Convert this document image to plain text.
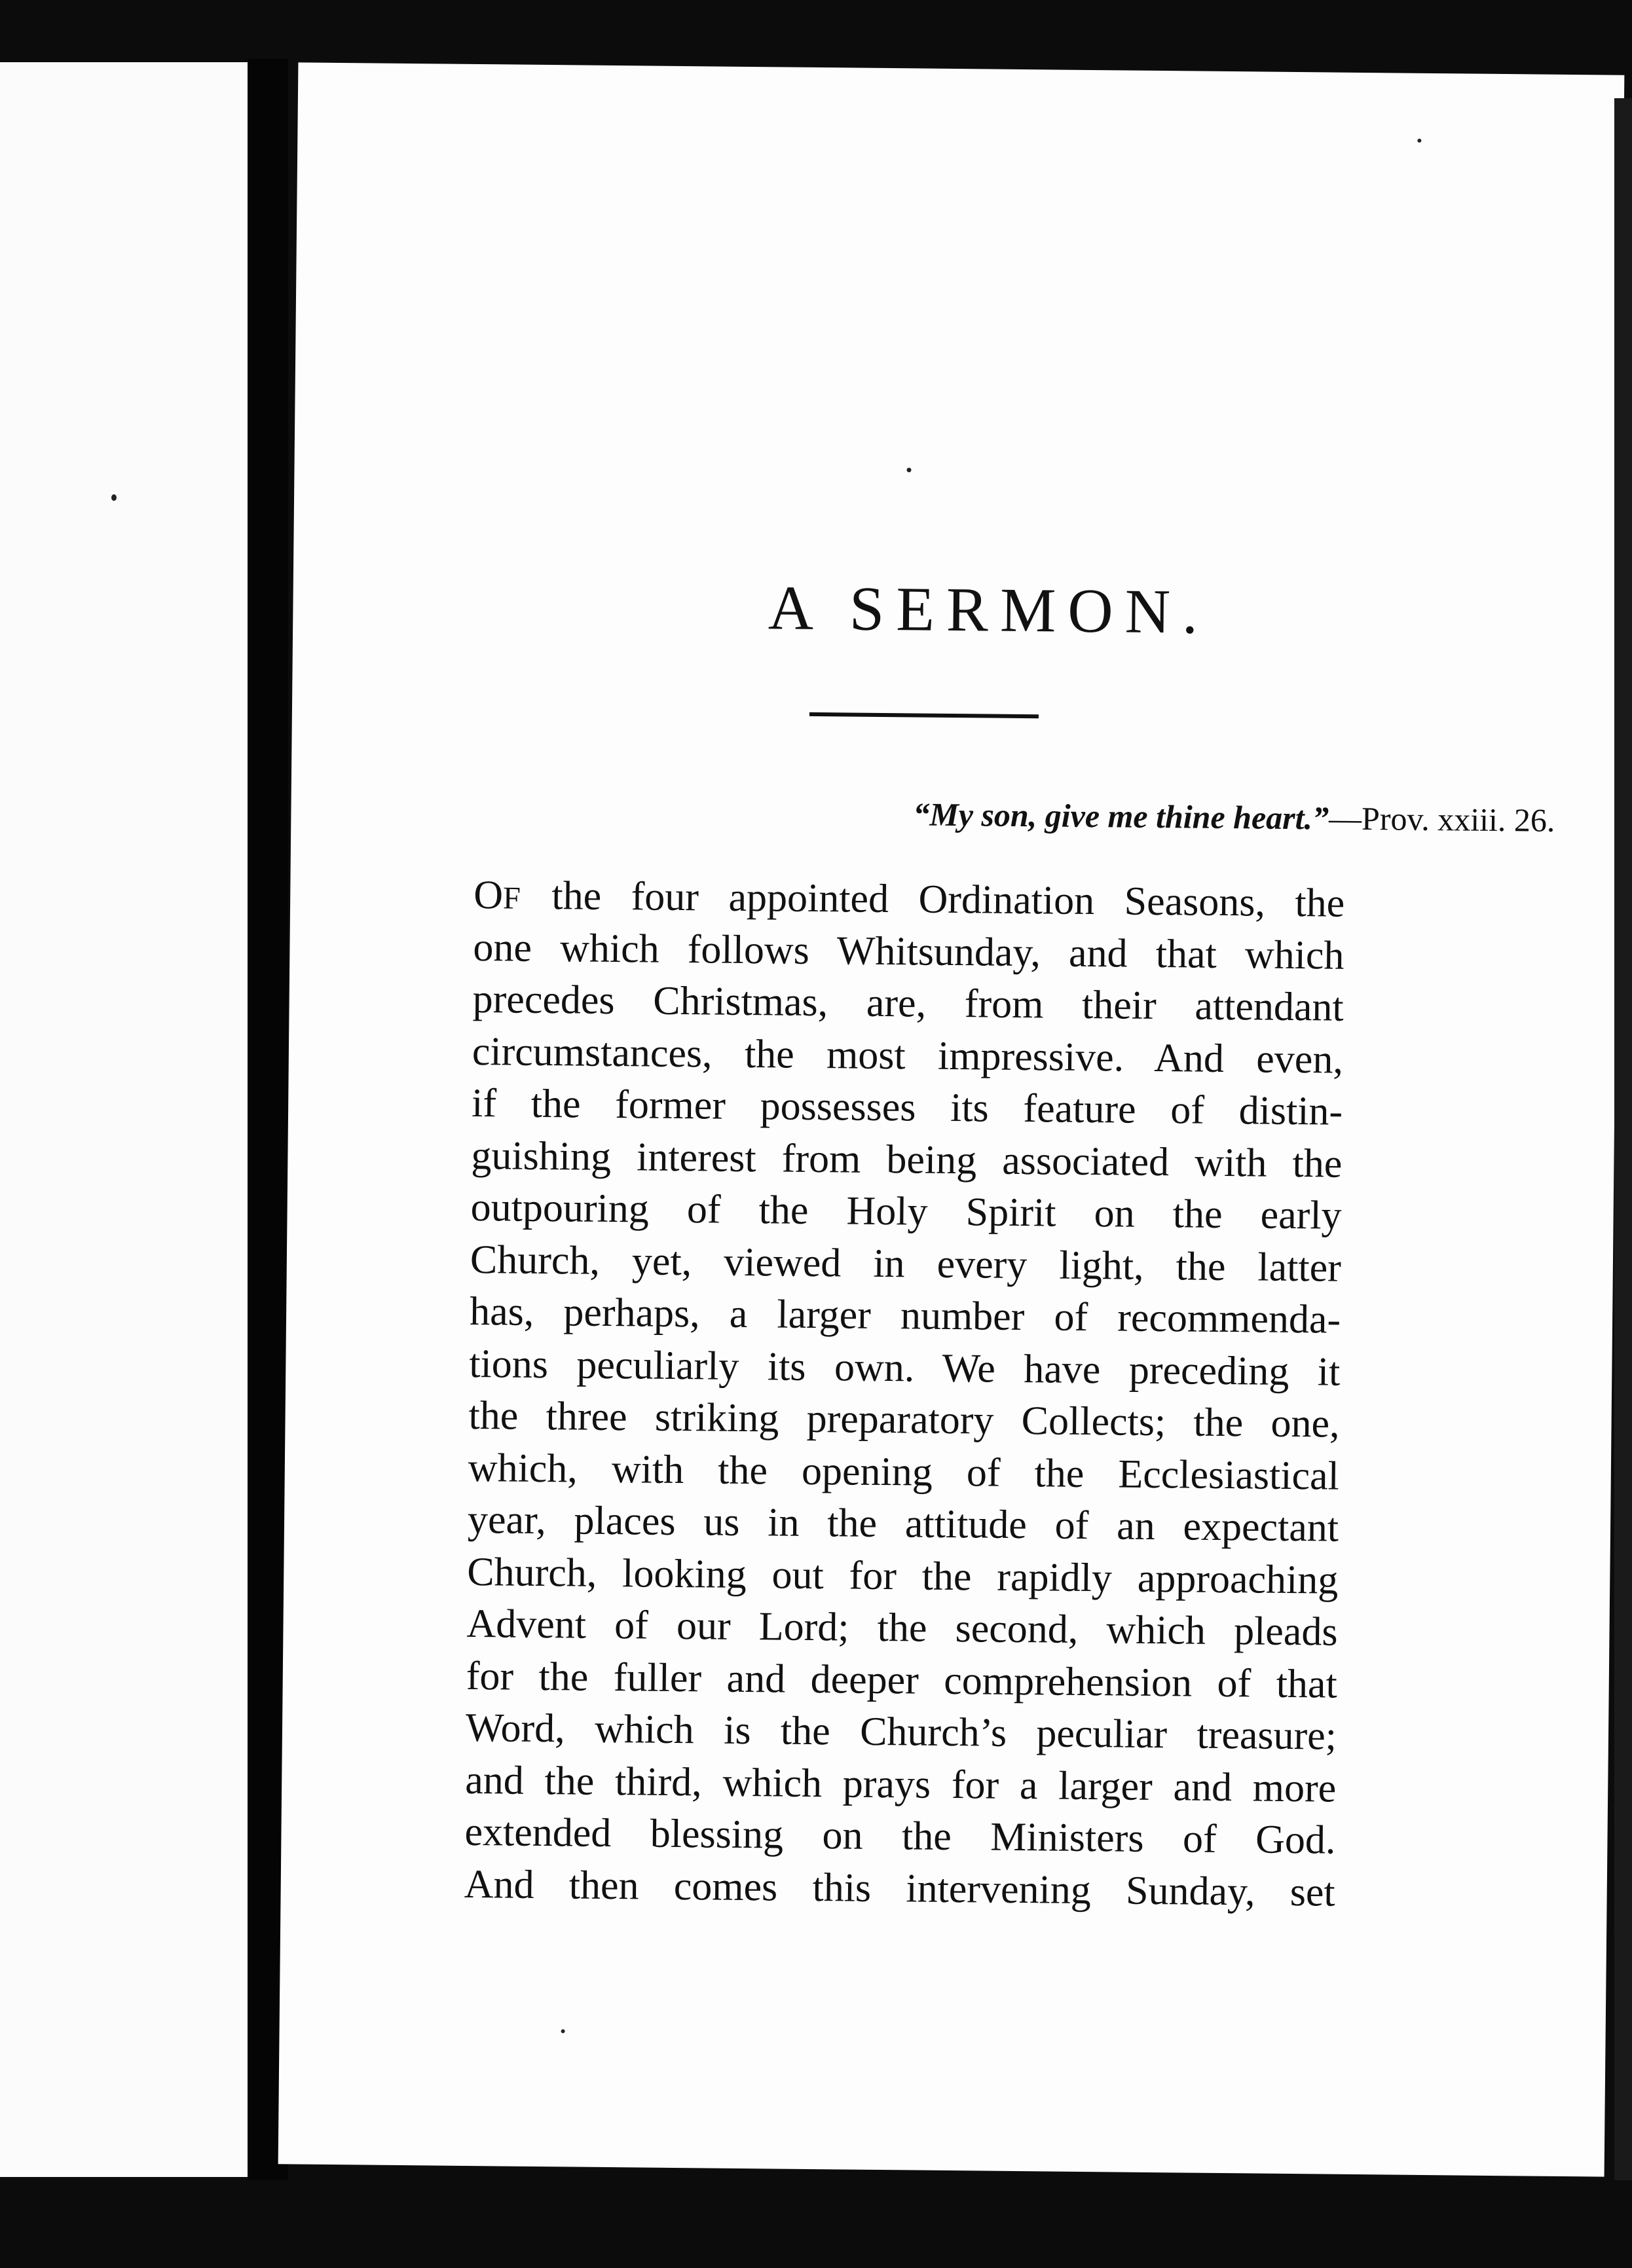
A SERMON.
“My son, give me thine heart.”—Prov. xxiii. 26.
OF the four appointed Ordination Seasons, the
one which follows Whitsunday, and that which
precedes Christmas, are, from their attendant
circumstances, the most impressive. And even,
if the former possesses its feature of distin-
guishing interest from being associated with the
outpouring of the Holy Spirit on the early
Church, yet, viewed in every light, the latter
has, perhaps, a larger number of recommenda-
tions peculiarly its own. We have preceding it
the three striking preparatory Collects; the one,
which, with the opening of the Ecclesiastical
year, places us in the attitude of an expectant
Church, looking out for the rapidly approaching
Advent of our Lord; the second, which pleads
for the fuller and deeper comprehension of that
Word, which is the Church’s peculiar treasure;
and the third, which prays for a larger and more
extended blessing on the Ministers of God.
And then comes this intervening Sunday, set
